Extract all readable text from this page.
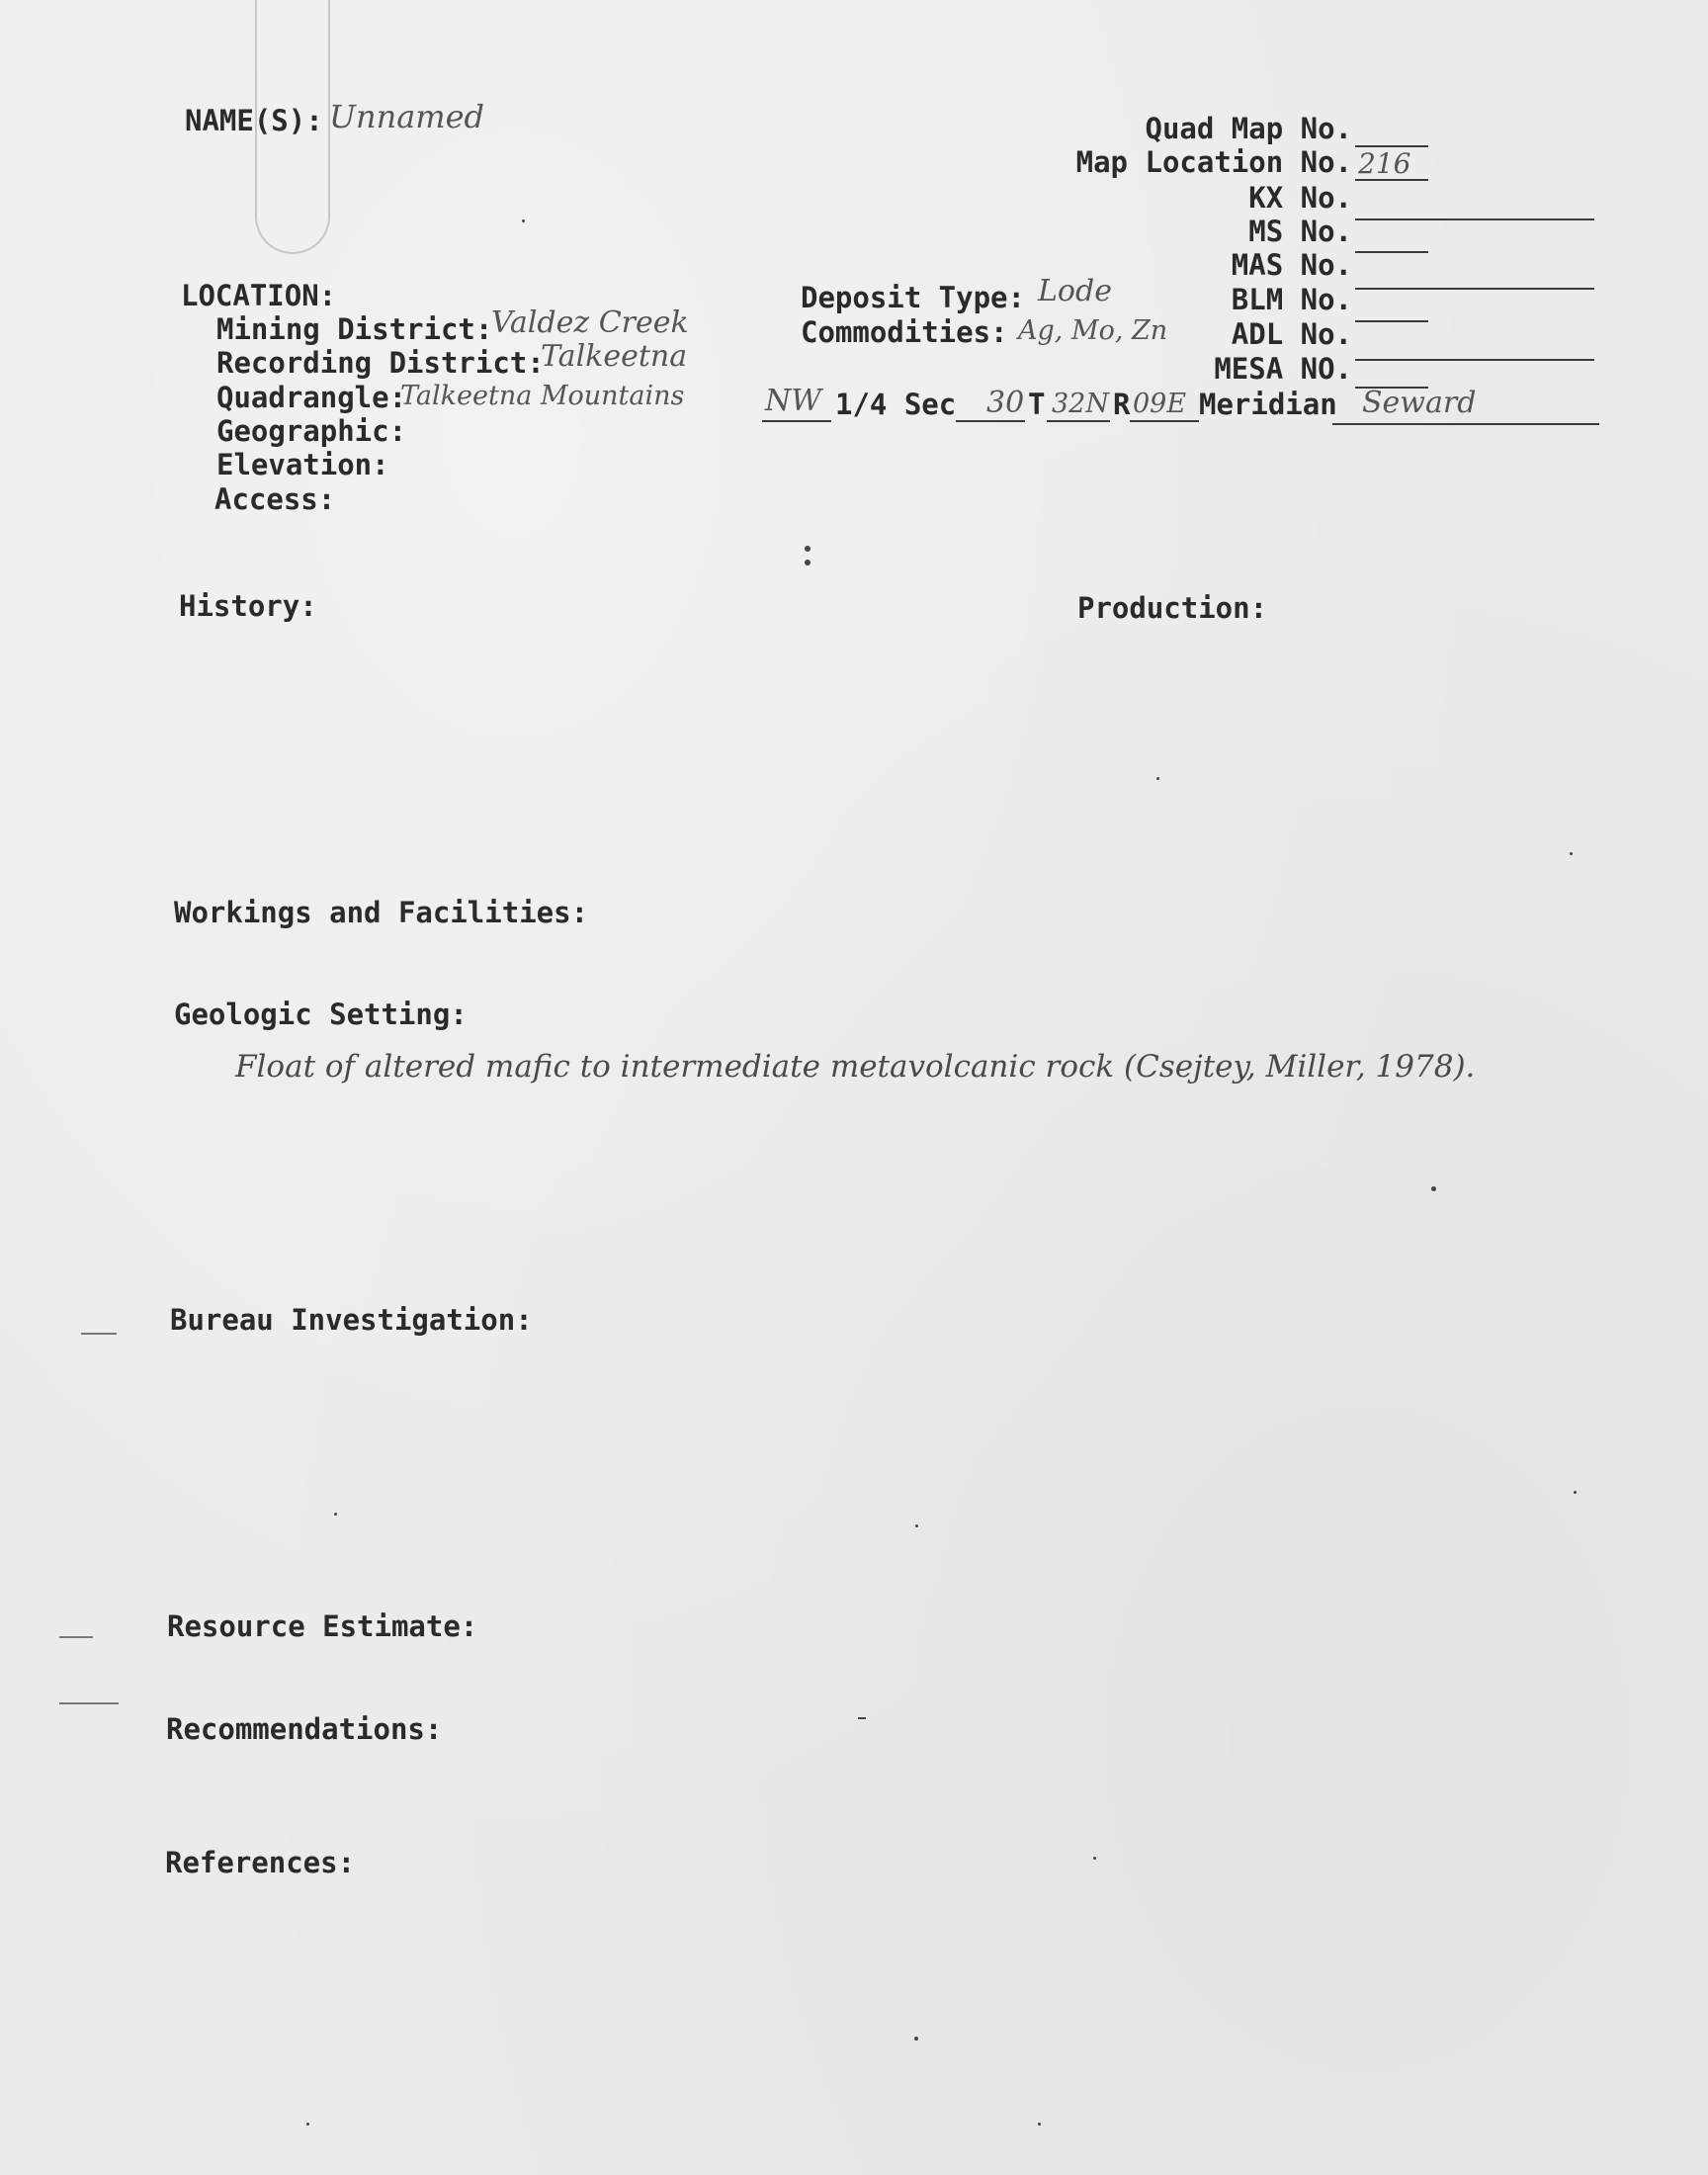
NAME(S): Unnamed	Quad Map No.
Map Location No. 216
KX No.
MS No.
MAS No.
BLM No.
ADL No.
MESA NO.
LOCATION:
Mining District:
Valdez Creek
Recording District:
Talkeetna
Quadrangle:
Talkeetna Mountains
Geographic:
Elevation:
Access:
Deposit Type: Lode
Commodities: Ag, Mo, Zn
NW 1/4 Sec 30 T 32N R 09E Meridian Seward
History:	Production:
Workings and Facilities:
Geologic Setting:
Float of altered mafic to intermediate metavolcanic rock (Csejtey, Miller, 1978).
Bureau Investigation:
Resource Estimate:
Recommendations:
References:
